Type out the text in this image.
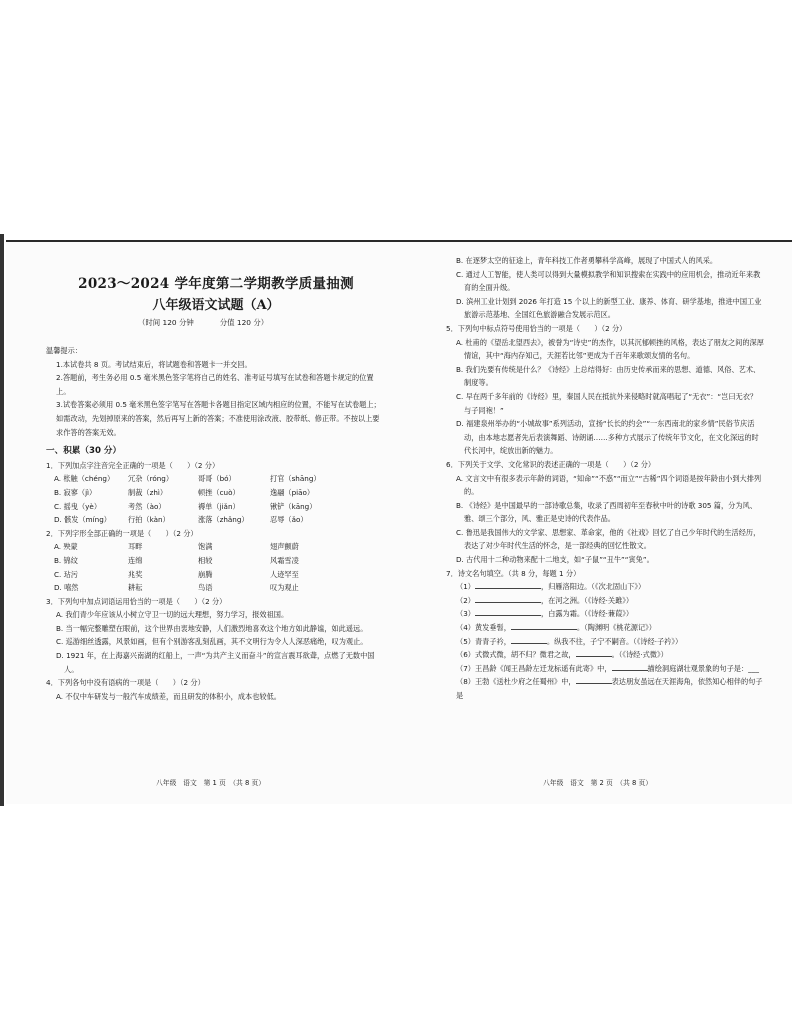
2023～2024 学年度第二学期教学质量抽测
八年级语文试题（A）
（时间 120 分钟	分值 120 分）

温馨提示：

1.本试卷共 8 页。考试结束后，将试题卷和答题卡一并交回。

2.答题前，考生务必用 0.5 毫米黑色签字笔将自己的姓名、准考证号填写在试卷和答题卡规定的位置上。

3.试卷答案必须用 0.5 毫米黑色签字笔写在答题卡各题目指定区域内相应的位置，不能写在试卷题上；如需改动，先划掉原来的答案，然后再写上新的答案；不准使用涂改液、胶带纸、修正带。不按以上要求作答的答案无效。

一、积累（30 分）

1．下列加点字注音完全正确的一项是（　　）（2 分）

A. 枨触（chéng）	冗杂（róng）	哥哥（bó）	打官（shāng）
B. 寂寥（jì）	制裁（zhì）	顿挫（cuò）	逸翮（piāo）
C. 摇曳（yè）	考然（ào）	褥单（jiǎn）	锹铲（kāng）
D. 骸发（míng）	行拍（kàn）	涨落（zhǎng）	忍辱（ǎo）

2．下列字形全部正确的一项是（　　）（2 分）

A. 殃蒙	耳畔	饱满	翅声颤蔚
B. 锦纹	连绵	相较	风霜雪凌
C. 玷污	兆奖	崩腾	人迹罕至
D. 嘻然	耕耘	鸟语	叹为观止

3．下列句中加点词语运用恰当的一项是（　　）（2 分）

A. 我们青少年应该从小树立守卫一切的远大理想，努力学习，报效祖国。

B. 当一幅完整雕塑在眼前，这个世界由衷地安静，人们激烈地喜欢这个地方如此静谧，如此遥远。

C. 巡游细丝透露，风景如画，但有个别游客乱刻乱画，其不文明行为令人人深恶痛绝，叹为观止。

D. 1921 年，在上海嘉兴南湖的红船上，一声“为共产主义而奋斗”的宣言震耳欲聋，点燃了无数中国人。

4．下列各句中没有语病的一项是（　　）（2 分）

A. 不仅中车研发与一般汽车成绩差，而且研发的体积小，成本也较低。

B. 在逐梦太空的征途上，青年科技工作者勇攀科学高峰，展现了中国式人的风采。

C. 通过人工智能，使人类可以得到大量模拟教学和知识搜索在实践中的应用机会，推动近年来教育的全面升级。

D. 滨州工业计划到 2026 年打造 15 个以上的新型工业、康养、体育、研学基地，推进中国工业旅游示范基地、全国红色旅游融合发展示范区。

5．下列句中标点符号使用恰当的一项是（　　）（2 分）

A. 杜甫的《望岳北望西去》，被誉为“诗史”的杰作，以其沉郁顿挫的风格，表达了朋友之间的深厚情谊，其中“海内存知己，天涯若比邻”更成为千百年来歌颂友情的名句。

B. 我们先要有传统是什么？《诗经》上总结得好：由历史传承而来的思想、道德、风俗、艺术、制度等。

C. 早在两千多年前的《诗经》里，秦国人民在抵抗外来侵略时就高唱起了“无衣”：“岂曰无衣？与子同袍！”

D. 福建泉州举办的“小城故事”系列活动，宣扬“长长的约会”“一东西南北的家乡情”民俗节庆活动，由本地志愿者先后表演舞蹈、诗朗诵……多种方式展示了传统年节文化，在文化深远的时代长河中，绽放出新的魅力。

6．下列关于文学、文化常识的表述正确的一项是（　　）（2 分）

A. 文言文中有很多表示年龄的词语，“知命”“不惑”“而立”“古稀”四个词语是按年龄由小到大排列的。

B. 《诗经》是中国最早的一部诗歌总集，收录了西周初年至春秋中叶的诗歌 305 篇，分为风、雅、颂三个部分，风、雅正是史诗的代表作品。

C. 鲁迅是我国伟大的文学家、思想家、革命家，他的《社戏》回忆了自己少年时代的生活经历，表达了对少年时代生活的怀念，是一部经典的回忆性散文。

D. 古代用十二种动物来配十二地支，如“子鼠”“丑牛”“寅兔”。

7．诗文名句填空。（共 8 分，每题 1 分）

（1）	，归雁洛阳边。（《次北固山下》）

（2）	，在河之洲。（《诗经·关雎》）

（3）	，白露为霜。（《诗经·蒹葭》）

（4）黄发垂髫，	。（陶渊明《桃花源记》）

（5）青青子衿，	。纵我不往，子宁不嗣音。（《诗经·子衿》）

（6）式微式微，胡不归？微君之故，	。（《诗经·式微》）

（7）王昌龄《闻王昌龄左迁龙标遥有此寄》中，	描绘洞庭湖壮观景象的句子是：___

（8）王勃《送杜少府之任蜀州》中，	表达朋友虽远在天涯海角，依然知心相伴的句子是

八年级　语文　第 1 页　（共 8 页）	八年级　语文　第 2 页　（共 8 页）
